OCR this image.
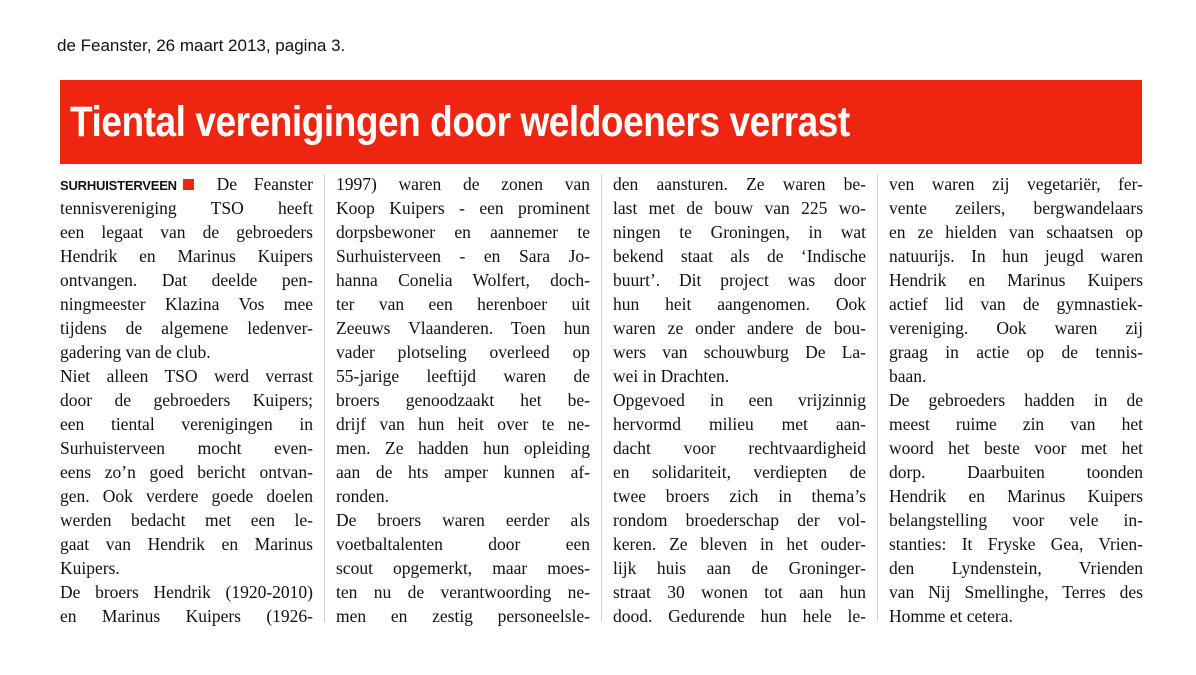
de Feanster, 26 maart 2013, pagina 3.
Tiental verenigingen door weldoeners verrast
SURHUISTERVEEN De Feanster
tennisvereniging TSO heeft
een legaat van de gebroeders
Hendrik en Marinus Kuipers
ontvangen. Dat deelde pen-
ningmeester Klazina Vos mee
tijdens de algemene ledenver-
gadering van de club.
Niet alleen TSO werd verrast
door de gebroeders Kuipers;
een tiental verenigingen in
Surhuisterveen mocht even-
eens zo’n goed bericht ontvan-
gen. Ook verdere goede doelen
werden bedacht met een le-
gaat van Hendrik en Marinus
Kuipers.
De broers Hendrik (1920-2010)
en Marinus Kuipers (1926-
1997) waren de zonen van
Koop Kuipers - een prominent
dorpsbewoner en aannemer te
Surhuisterveen - en Sara Jo-
hanna Conelia Wolfert, doch-
ter van een herenboer uit
Zeeuws Vlaanderen. Toen hun
vader plotseling overleed op
55-jarige leeftijd waren de
broers genoodzaakt het be-
drijf van hun heit over te ne-
men. Ze hadden hun opleiding
aan de hts amper kunnen af-
ronden.
De broers waren eerder als
voetbaltalenten door een
scout opgemerkt, maar moes-
ten nu de verantwoording ne-
men en zestig personeelsle-
den aansturen. Ze waren be-
last met de bouw van 225 wo-
ningen te Groningen, in wat
bekend staat als de ‘Indische
buurt’. Dit project was door
hun heit aangenomen. Ook
waren ze onder andere de bou-
wers van schouwburg De La-
wei in Drachten.
Opgevoed in een vrijzinnig
hervormd milieu met aan-
dacht voor rechtvaardigheid
en solidariteit, verdiepten de
twee broers zich in thema’s
rondom broederschap der vol-
keren. Ze bleven in het ouder-
lijk huis aan de Groninger-
straat 30 wonen tot aan hun
dood. Gedurende hun hele le-
ven waren zij vegetariër, fer-
vente zeilers, bergwandelaars
en ze hielden van schaatsen op
natuurijs. In hun jeugd waren
Hendrik en Marinus Kuipers
actief lid van de gymnastiek-
vereniging. Ook waren zij
graag in actie op de tennis-
baan.
De gebroeders hadden in de
meest ruime zin van het
woord het beste voor met het
dorp. Daarbuiten toonden
Hendrik en Marinus Kuipers
belangstelling voor vele in-
stanties: It Fryske Gea, Vrien-
den Lyndenstein, Vrienden
van Nij Smellinghe, Terres des
Homme et cetera.
